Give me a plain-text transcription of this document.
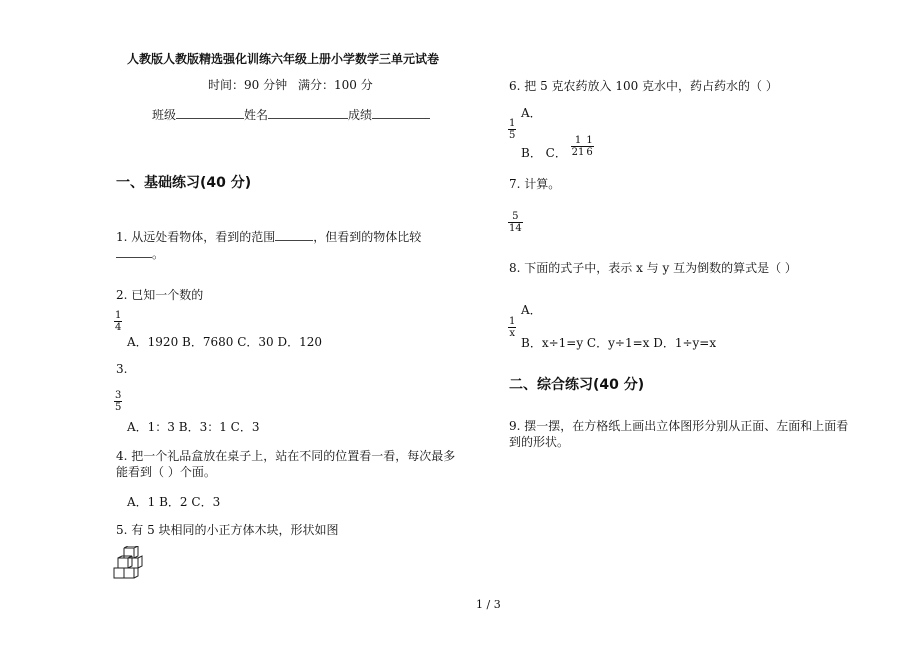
人教版人教版精选强化训练六年级上册小学数学三单元试卷
时间：90 分钟 满分：100 分
班级	姓名	成绩
一、基础练习(40 分)
1. 从远处看物体，看到的范围	，但看到的物体比较
。
2. 已知一个数的
$\frac{1}{4}$
A．1920 B．7680 C．30 D．120
3.
$\frac{3}{5}$
A．1：3 B．3：1 C．3
4. 把一个礼品盒放在桌子上，站在不同的位置看一看，每次最多
能看到（ ）个面。
A．1 B．2 C．3
5. 有 5 块相同的小正方体木块，形状如图
6. 把 5 克农药放入 100 克水中，药占药水的（ ）
A．
$\frac{1}{5}$
B． C． $\frac{1}{21} \frac{1}{6}$
7. 计算。
$\frac{5}{14}$
8. 下面的式子中，表示 x 与 y 互为倒数的算式是（ ）
A．
$\frac{1}{x}$
B．x÷1=y C．y÷1=x D．1÷y=x
二、综合练习(40 分)
9. 摆一摆，在方格纸上画出立体图形分别从正面、左面和上面看
到的形状。
1 / 3
